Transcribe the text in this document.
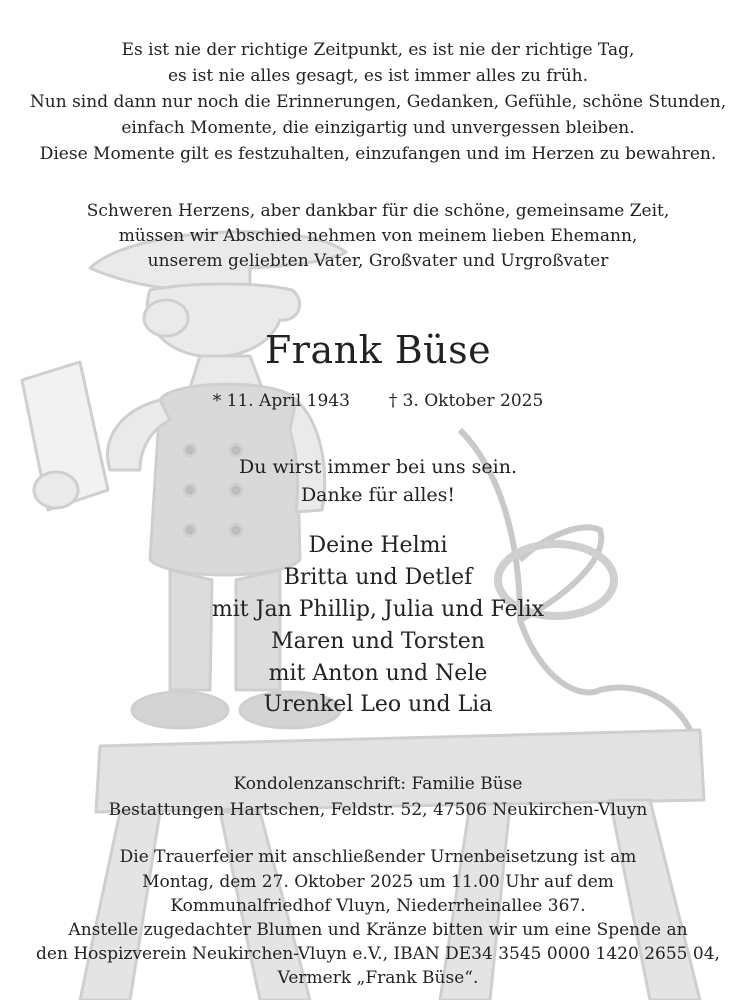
Es ist nie der richtige Zeitpunkt, es ist nie der richtige Tag,
es ist nie alles gesagt, es ist immer alles zu früh.
Nun sind dann nur noch die Erinnerungen, Gedanken, Gefühle, schöne Stunden,
einfach Momente, die einzigartig und unvergessen bleiben.
Diese Momente gilt es festzuhalten, einzufangen und im Herzen zu bewahren.
Schweren Herzens, aber dankbar für die schöne, gemeinsame Zeit,
müssen wir Abschied nehmen von meinem lieben Ehemann,
unserem geliebten Vater, Großvater und Urgroßvater
Frank Büse
* 11. April 1943 † 3. Oktober 2025
Du wirst immer bei uns sein.
Danke für alles!
Deine Helmi
Britta und Detlef
mit Jan Phillip, Julia und Felix
Maren und Torsten
mit Anton und Nele
Urenkel Leo und Lia
Kondolenzanschrift: Familie Büse
Bestattungen Hartschen, Feldstr. 52, 47506 Neukirchen-Vluyn
Die Trauerfeier mit anschließender Urnenbeisetzung ist am
Montag, dem 27. Oktober 2025 um 11.00 Uhr auf dem
Kommunalfriedhof Vluyn, Niederrheinallee 367.
Anstelle zugedachter Blumen und Kränze bitten wir um eine Spende an
den Hospizverein Neukirchen-Vluyn e.V., IBAN DE34 3545 0000 1420 2655 04,
Vermerk „Frank Büse“.
